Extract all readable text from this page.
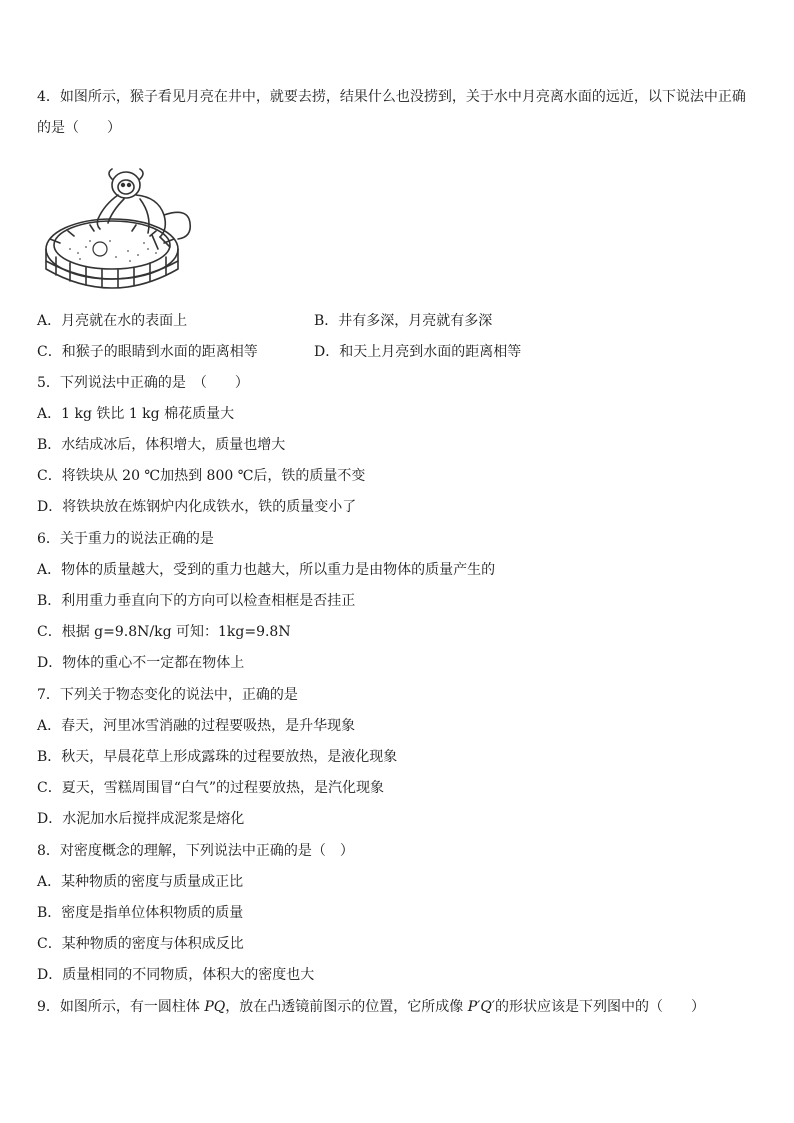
4．如图所示，猴子看见月亮在井中，就要去捞，结果什么也没捞到，关于水中月亮离水面的远近，以下说法中正确的是（　　）
A．月亮就在水的表面上	B．井有多深，月亮就有多深
C．和猴子的眼睛到水面的距离相等	D．和天上月亮到水面的距离相等
5．下列说法中正确的是　（　　）
A．1 kg 铁比 1 kg 棉花质量大
B．水结成冰后，体积增大，质量也增大
C．将铁块从 20 ℃加热到 800 ℃后，铁的质量不变
D．将铁块放在炼钢炉内化成铁水，铁的质量变小了
6．关于重力的说法正确的是
A．物体的质量越大，受到的重力也越大，所以重力是由物体的质量产生的
B．利用重力垂直向下的方向可以检查相框是否挂正
C．根据 g=9.8N/kg 可知：1kg=9.8N
D．物体的重心不一定都在物体上
7．下列关于物态变化的说法中，正确的是
A．春天，河里冰雪消融的过程要吸热，是升华现象
B．秋天，早晨花草上形成露珠的过程要放热，是液化现象
C．夏天，雪糕周围冒“白气”的过程要放热，是汽化现象
D．水泥加水后搅拌成泥浆是熔化
8．对密度概念的理解，下列说法中正确的是（　）
A．某种物质的密度与质量成正比
B．密度是指单位体积物质的质量
C．某种物质的密度与体积成反比
D．质量相同的不同物质，体积大的密度也大
9．如图所示，有一圆柱体 PQ，放在凸透镜前图示的位置，它所成像 P′Q′的形状应该是下列图中的（　　）
